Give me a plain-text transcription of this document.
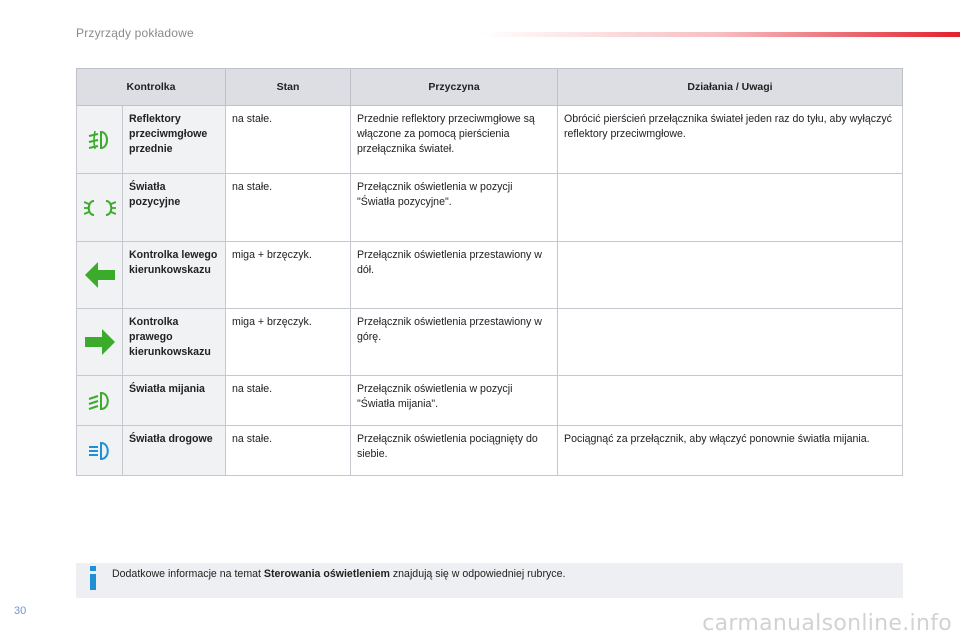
Przyrządy pokładowe
Kontrolka		Stan	Przyczyna	Działania / Uwagi

	Reflektory przeciwmgłowe przednie	na stałe.	Przednie reflektory przeciwmgłowe są włączone za pomocą pierścienia przełącznika świateł.	Obrócić pierścień przełącznika świateł jeden raz do tyłu, aby wyłączyć reflektory przeciwmgłowe.

	Światła pozycyjne	na stałe.	Przełącznik oświetlenia w pozycji "Światła pozycyjne".	

	Kontrolka lewego kierunkowskazu	miga + brzęczyk.	Przełącznik oświetlenia przestawiony w dół.	

	Kontrolka prawego kierunkowskazu	miga + brzęczyk.	Przełącznik oświetlenia przestawiony w górę.	

	Światła mijania	na stałe.	Przełącznik oświetlenia w pozycji "Światła mijania".	

	Światła drogowe	na stałe.	Przełącznik oświetlenia pociągnięty do siebie.	Pociągnąć za przełącznik, aby włączyć ponownie światła mijania.
Dodatkowe informacje na temat Sterowania oświetleniem znajdują się w odpowiedniej rubryce.
30	carmanualsonline.info
